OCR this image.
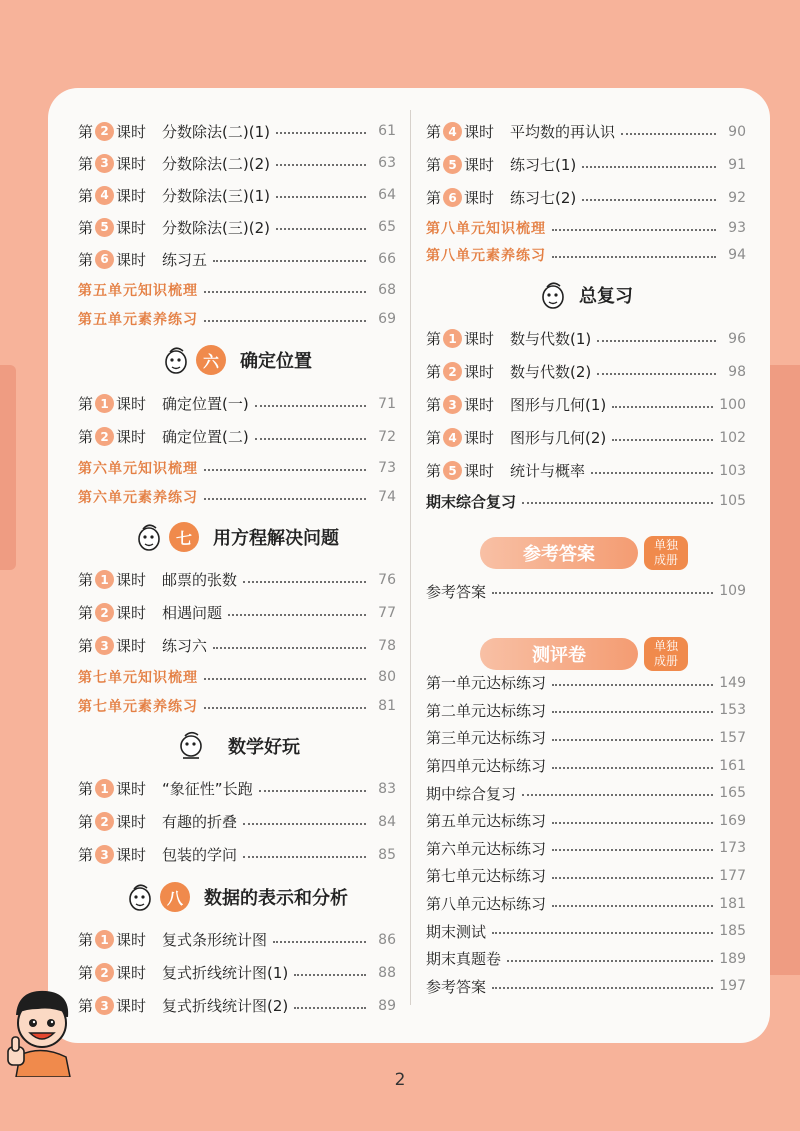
第 2 课时 分数除法(二)(1)	61
第 3 课时 分数除法(二)(2)	63
第 4 课时 分数除法(三)(1)	64
第 5 课时 分数除法(三)(2)	65
第 6 课时 练习五	66
第五单元知识梳理	68
第五单元素养练习	69
六	确定位置
第 1 课时 确定位置(一)	71
第 2 课时 确定位置(二)	72
第六单元知识梳理	73
第六单元素养练习	74
七	用方程解决问题
第 1 课时 邮票的张数	76
第 2 课时 相遇问题	77
第 3 课时 练习六	78
第七单元知识梳理	80
第七单元素养练习	81
数学好玩
第 1 课时 “象征性”长跑	83
第 2 课时 有趣的折叠	84
第 3 课时 包装的学问	85
八	数据的表示和分析
第 1 课时 复式条形统计图	86
第 2 课时 复式折线统计图(1)	88
第 3 课时 复式折线统计图(2)	89
第 4 课时 平均数的再认识	90
第 5 课时 练习七(1)	91
第 6 课时 练习七(2)	92
第八单元知识梳理	93
第八单元素养练习	94
总复习
第 1 课时 数与代数(1)	96
第 2 课时 数与代数(2)	98
第 3 课时 图形与几何(1)	100
第 4 课时 图形与几何(2)	102
第 5 课时 统计与概率	103
期末综合复习	105
参考答案	109
第一单元达标练习	149
第二单元达标练习	153
第三单元达标练习	157
第四单元达标练习	161
期中综合复习	165
第五单元达标练习	169
第六单元达标练习	173
第七单元达标练习	177
第八单元达标练习	181
期末测试	185
期末真题卷	189
参考答案	197
参考答案	单独
成册
测评卷	单独
成册
2
